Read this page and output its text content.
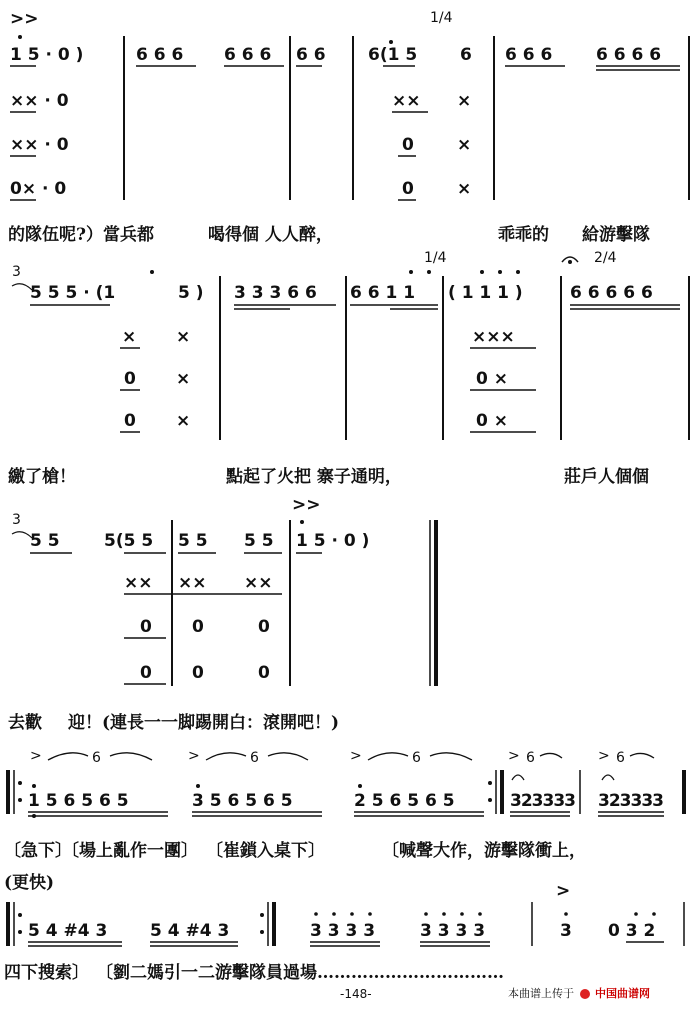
>>	1/4
1 5 · 0 )	6 6 6 6 6 6 6 6 6(1 5	6 6 6 6	6 6 6 6
×× · 0	×× ×
×× · 0	0	×
0× · 0	0	×
1/4	2/4
3
5 5 5 · (1	5 ) 3 3 3 6 6 6 6 1 1 ( 1 1 1 )	6 6 6 6 6
× ×	×××
0 ×	0 ×
0 ×	0 ×
>>
3
5 5	5(5 5 5 5 5 5 1 5 · 0 )
×× ×× ××
0 0	0
0 0	0
>	6	>	6	>	6	> 6	> 6
1 5 6 5 6 5	3 5 6 5 6 5	2 5 6 5 6 5	323333 323333
5 4 #4 3	5 4 #4 3	3 3 3 3	3 3 3 3
>
3 0 3 2

的隊伍呢?）當兵都

	喝得個 人人醉，

	乖乖的

給游擊隊

繳了槍！

	點起了火把 寨子通明，

	莊戶人個個

去歡

迎！(連長一一脚踢開白：滾開吧！)

〔急下〕

〔場上亂作一團〕

〔崔鎖入桌下〕

	〔喊聲大作，游擊隊衝上，

(更快)

四下搜索〕

〔劉二媽引一二游擊隊員過場……………………………

-148-	本曲谱上传于 中国曲谱网
